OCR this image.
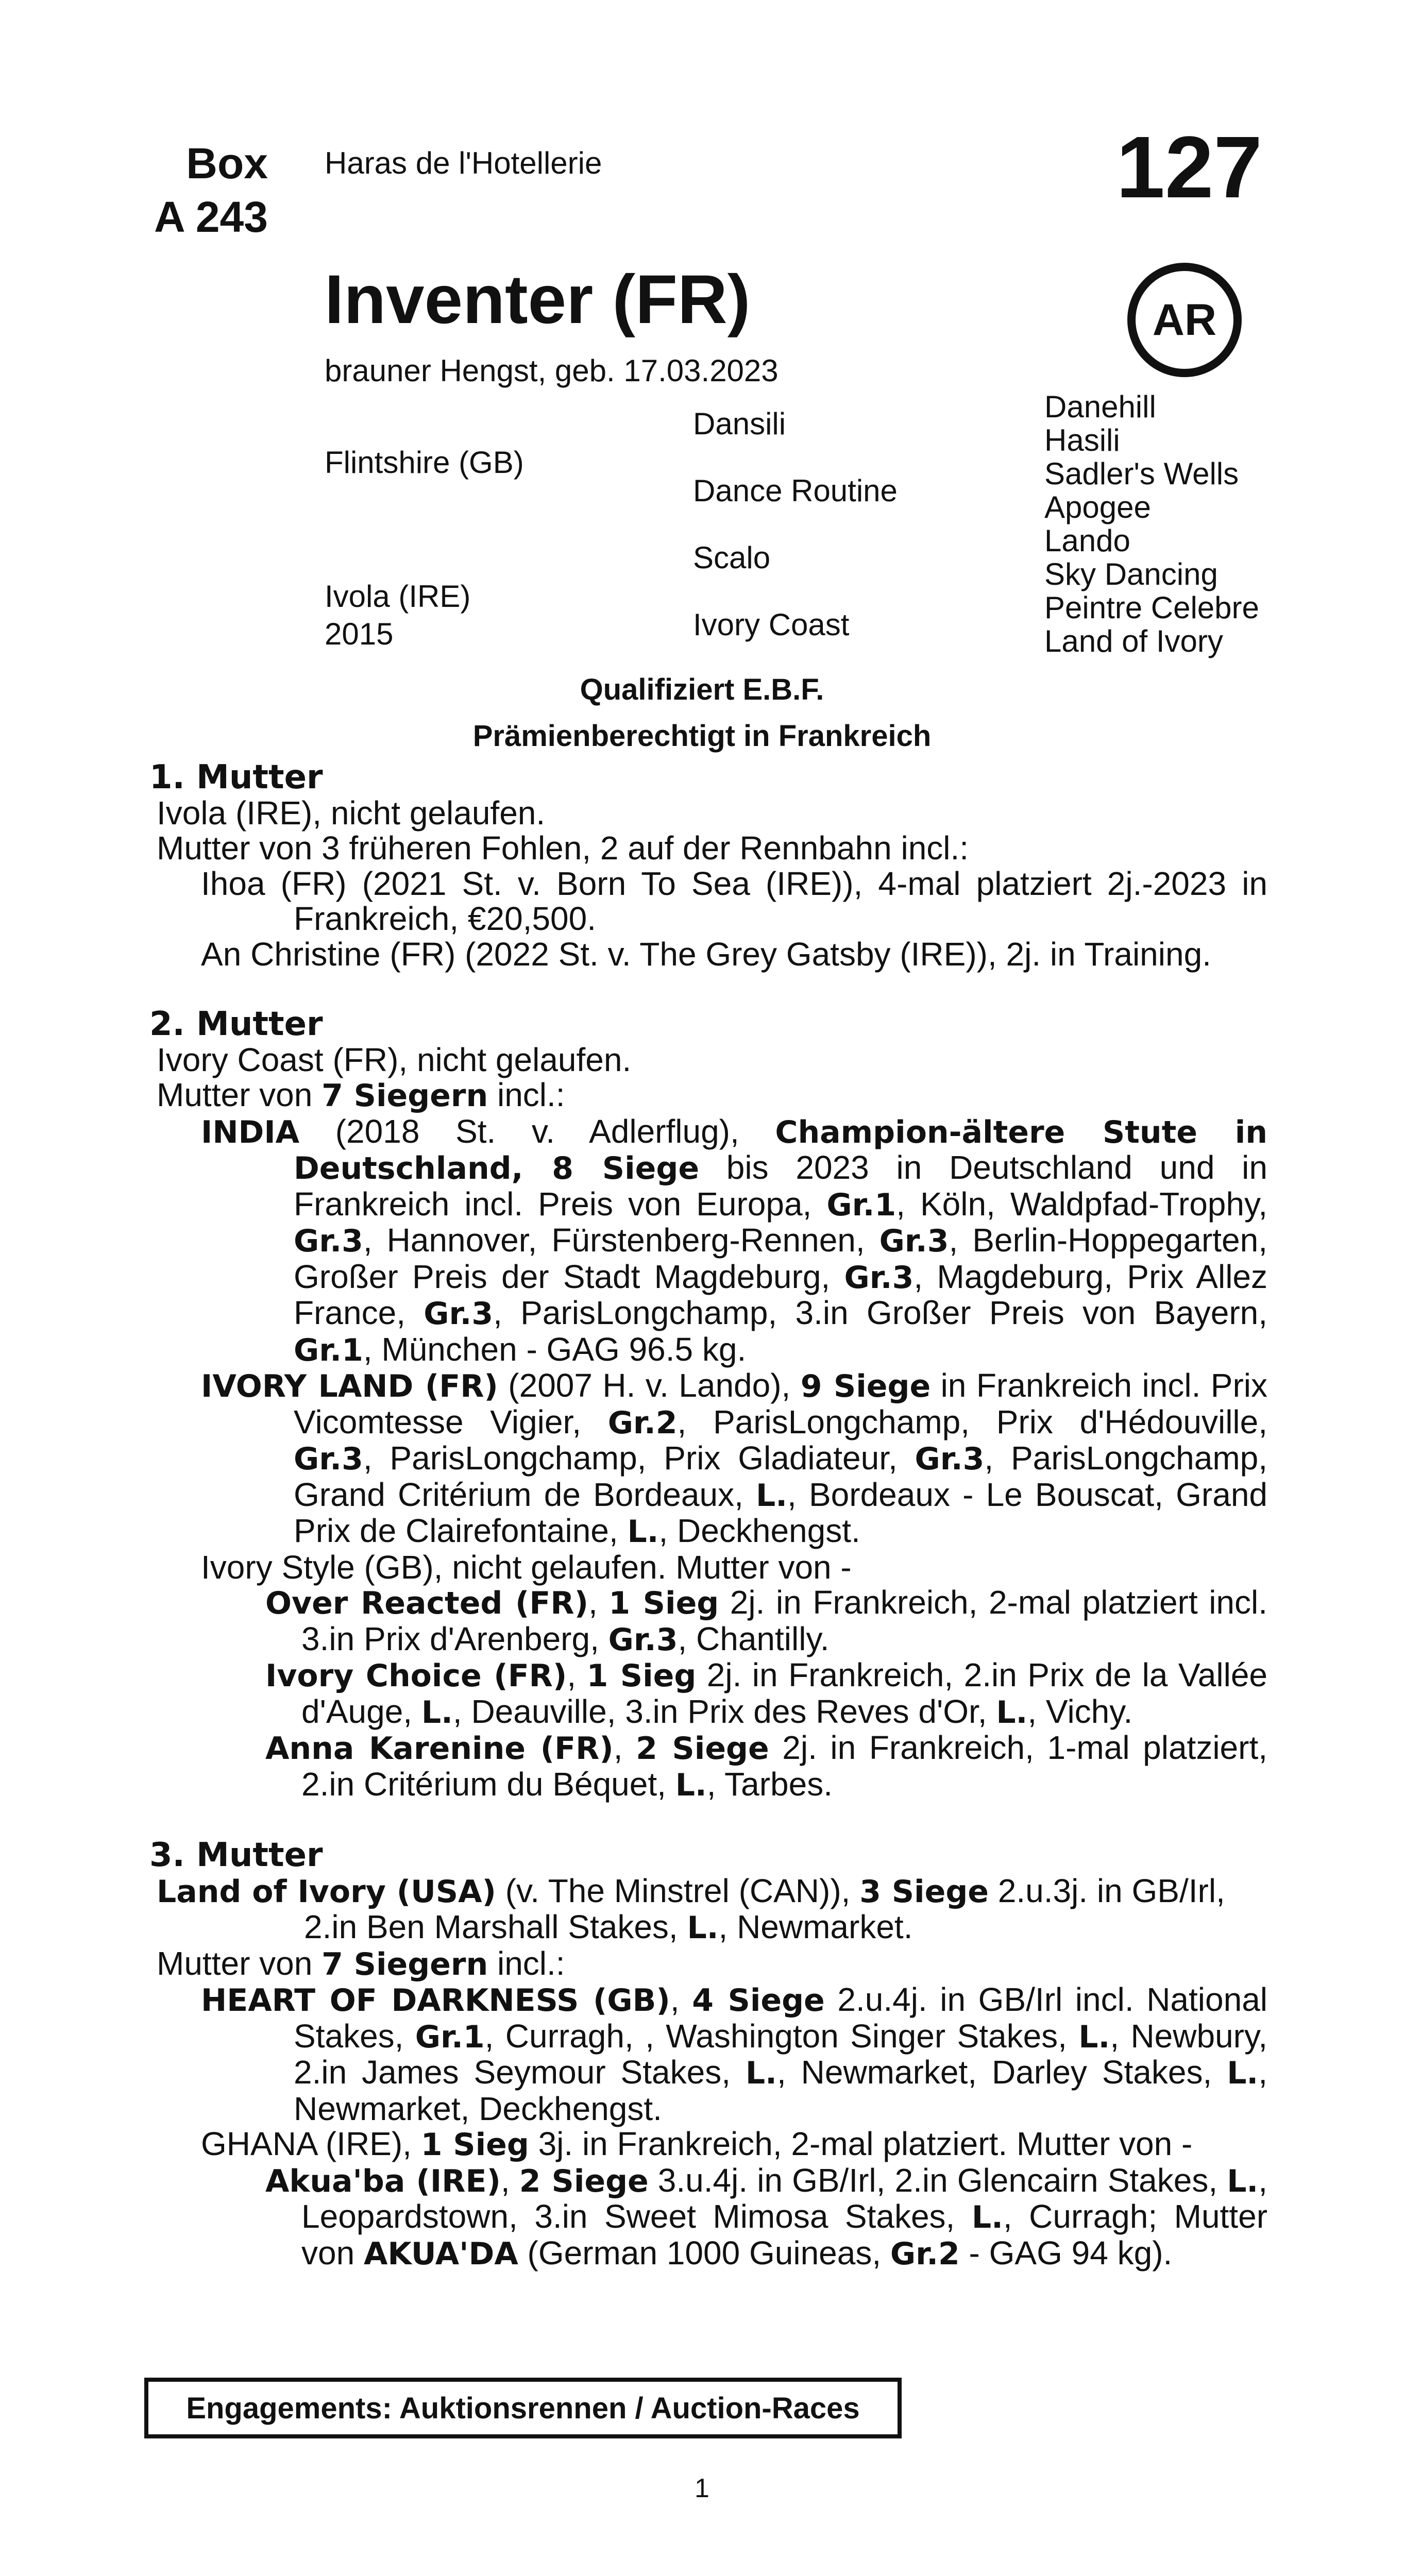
Box
A 243
Haras de l'Hotellerie	127
AR
Inventer (FR)
brauner Hengst, geb. 17.03.2023
Flintshire (GB)
Ivola (IRE)
2015
Dansili
Dance Routine
Scalo
Ivory Coast
Danehill
Hasili
Sadler's Wells
Apogee
Lando
Sky Dancing
Peintre Celebre
Land of Ivory
Qualifiziert E.B.F.
Prämienberechtigt in Frankreich

1. Mutter

Ivola (IRE), nicht gelaufen.

Mutter von 3 früheren Fohlen, 2 auf der Rennbahn incl.:

Ihoa (FR) (2021 St. v. Born To Sea (IRE)), 4-mal platziert 2j.-2023 in Frankreich, €20,500.

An Christine (FR) (2022 St. v. The Grey Gatsby (IRE)), 2j. in Training.

2. Mutter

Ivory Coast (FR), nicht gelaufen.

Mutter von 7 Siegern incl.:

INDIA (2018 St. v. Adlerflug), Champion-ältere Stute in Deutschland, 8 Siege bis 2023 in Deutschland und in Frankreich incl. Preis von Europa, Gr.1, Köln, Waldpfad-Trophy, Gr.3, Hannover, Fürstenberg-Rennen, Gr.3, Berlin-Hoppegarten, Großer Preis der Stadt Magdeburg, Gr.3, Magdeburg, Prix Allez France, Gr.3, ParisLongchamp, 3.in Großer Preis von Bayern, Gr.1, München - GAG 96.5 kg.

IVORY LAND (FR) (2007 H. v. Lando), 9 Siege in Frankreich incl. Prix Vicomtesse Vigier, Gr.2, ParisLongchamp, Prix d'Hédouville, Gr.3, ParisLongchamp, Prix Gladiateur, Gr.3, ParisLongchamp, Grand Critérium de Bordeaux, L., Bordeaux - Le Bouscat, Grand Prix de Clairefontaine, L., Deckhengst.

Ivory Style (GB), nicht gelaufen. Mutter von -

Over Reacted (FR), 1 Sieg 2j. in Frankreich, 2-mal platziert incl. 3.in Prix d'Arenberg, Gr.3, Chantilly.

Ivory Choice (FR), 1 Sieg 2j. in Frankreich, 2.in Prix de la Vallée d'Auge, L., Deauville, 3.in Prix des Reves d'Or, L., Vichy.

Anna Karenine (FR), 2 Siege 2j. in Frankreich, 1-mal platziert, 2.in Critérium du Béquet, L., Tarbes.

3. Mutter

Land of Ivory (USA) (v. The Minstrel (CAN)), 3 Siege 2.u.3j. in GB/Irl, 2.in Ben Marshall Stakes, L., Newmarket.

Mutter von 7 Siegern incl.:

HEART OF DARKNESS (GB), 4 Siege 2.u.4j. in GB/Irl incl. National Stakes, Gr.1, Curragh, , Washington Singer Stakes, L., Newbury, 2.in James Seymour Stakes, L., Newmarket, Darley Stakes, L., Newmarket, Deckhengst.

GHANA (IRE), 1 Sieg 3j. in Frankreich, 2-mal platziert. Mutter von -

Akua'ba (IRE), 2 Siege 3.u.4j. in GB/Irl, 2.in Glencairn Stakes, L., Leopardstown, 3.in Sweet Mimosa Stakes, L., Curragh; Mutter von AKUA'DA (German 1000 Guineas, Gr.2 - GAG 94 kg).

Engagements: Auktionsrennen / Auction-Races
1
